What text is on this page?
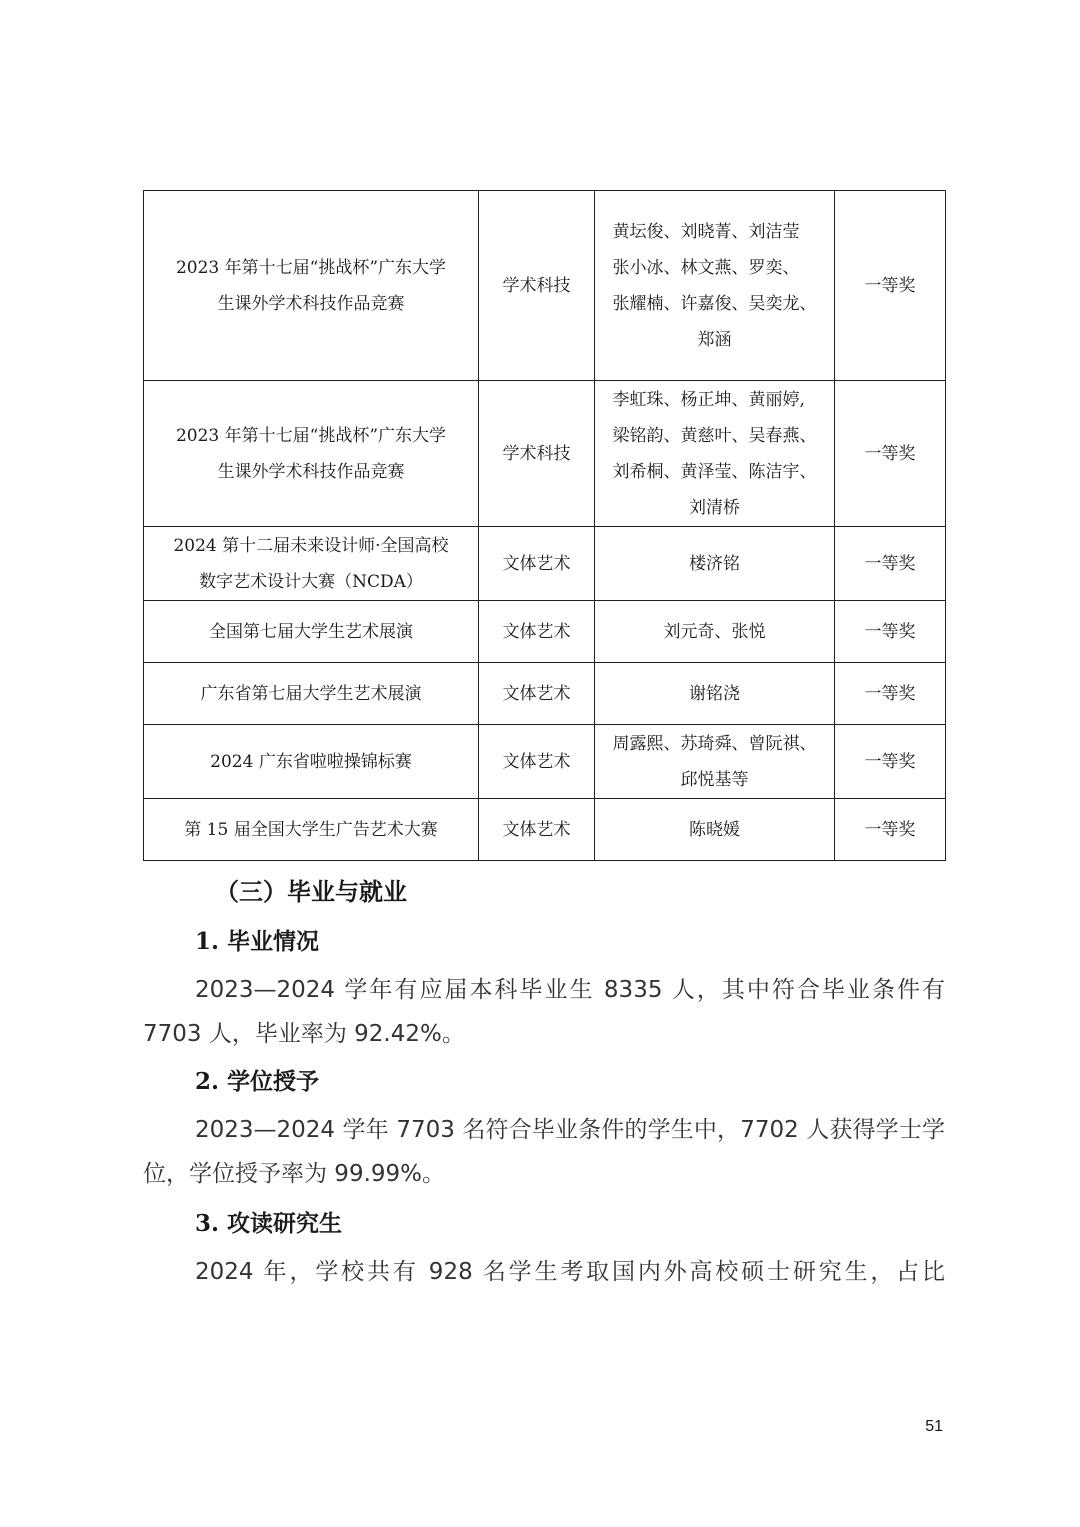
2023 年第十七届“挑战杯”广东大学
生课外学术科技作品竞赛	学术科技	黄坛俊、刘晓菁、刘洁莹
张小冰、林文燕、罗奕、
张耀楠、许嘉俊、吴奕龙、
郑涵	一等奖
2023 年第十七届“挑战杯”广东大学
生课外学术科技作品竞赛	学术科技	李虹珠、杨正坤、黄丽婷,
梁铭韵、黄慈叶、吴春燕、
刘希桐、黄泽莹、陈洁宇、
刘清桥	一等奖
2024 第十二届未来设计师·全国高校
数字艺术设计大赛（NCDA）	文体艺术	楼济铭	一等奖
全国第七届大学生艺术展演	文体艺术	刘元奇、张悦	一等奖
广东省第七届大学生艺术展演	文体艺术	谢铭浇	一等奖
2024 广东省啦啦操锦标赛	文体艺术	周露熙、苏琦舜、曾阮祺、
邱悦基等	一等奖
第 15 届全国大学生广告艺术大赛	文体艺术	陈晓媛	一等奖
（三）毕业与就业
1. 毕业情况
2023—2024 学年有应届本科毕业生 8335 人，其中符合毕业条件有
7703 人，毕业率为 92.42%。
2. 学位授予
2023—2024 学年 7703 名符合毕业条件的学生中，7702 人获得学士学
位，学位授予率为 99.99%。
3. 攻读研究生
2024 年，学校共有 928 名学生考取国内外高校硕士研究生，占比
51
